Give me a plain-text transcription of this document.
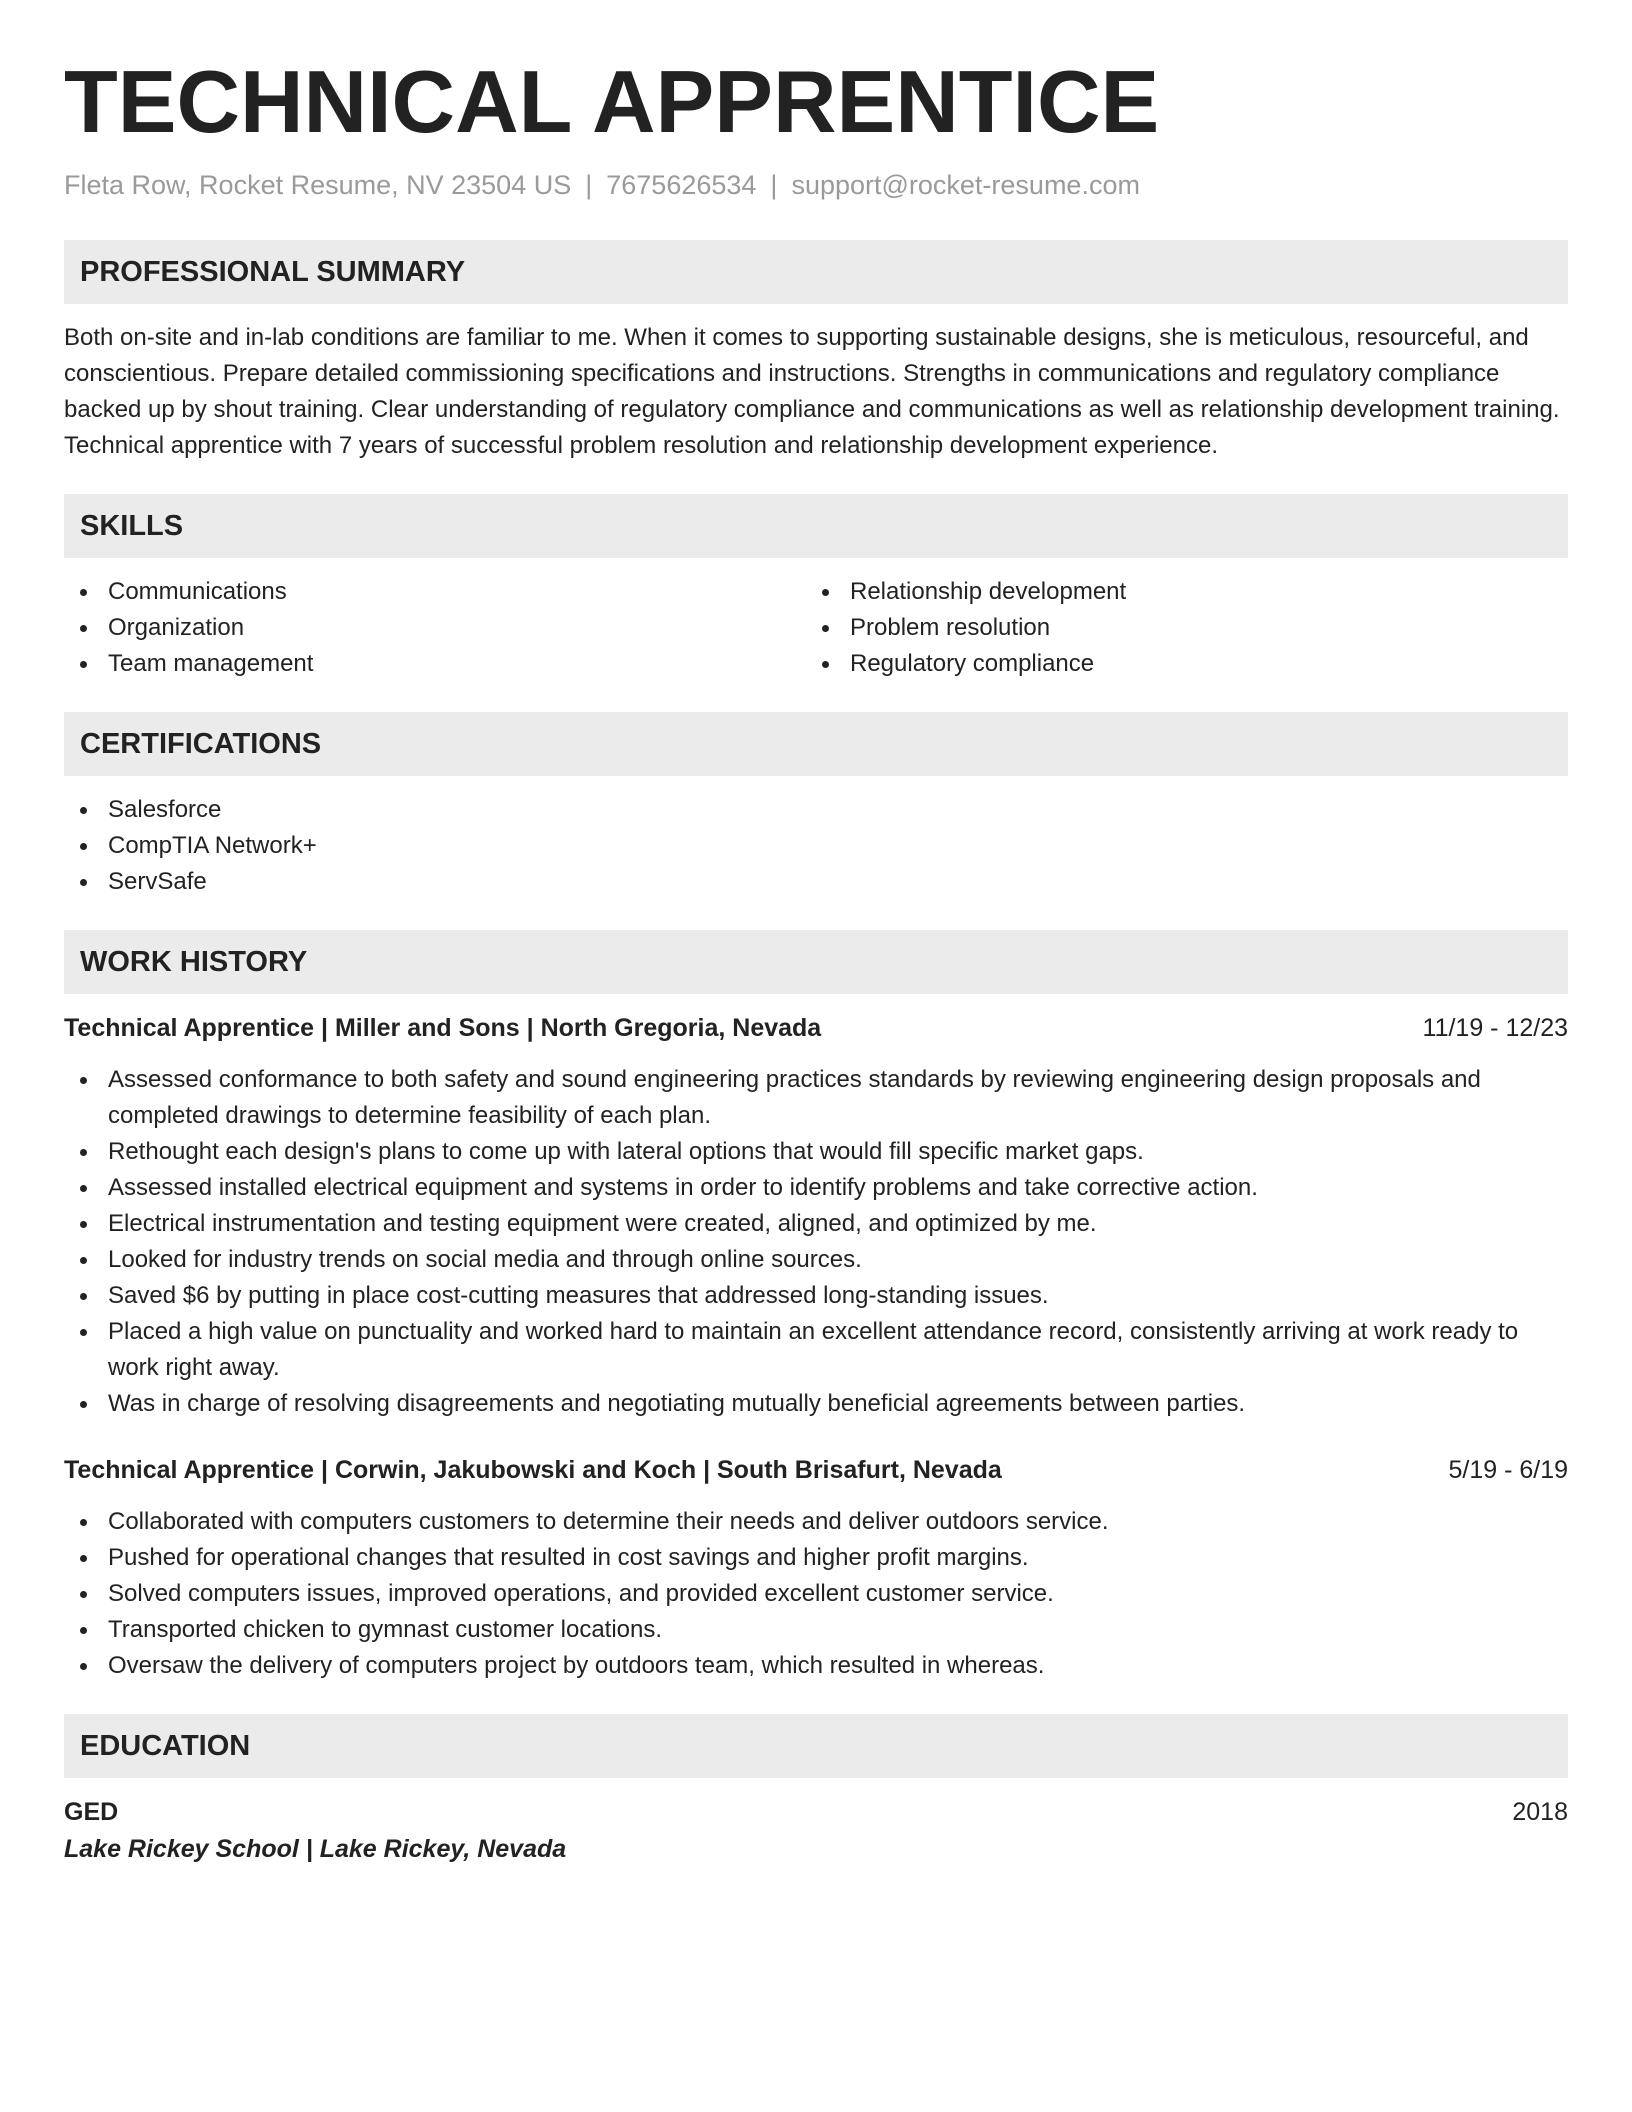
TECHNICAL APPRENTICE
Fleta Row, Rocket Resume, NV 23504 US | 7675626534 | support@rocket-resume.com
PROFESSIONAL SUMMARY

Both on-site and in-lab conditions are familiar to me. When it comes to supporting sustainable designs, she is meticulous, resourceful, and conscientious. Prepare detailed commissioning specifications and instructions. Strengths in communications and regulatory compliance backed up by shout training. Clear understanding of regulatory compliance and communications as well as relationship development training. Technical apprentice with 7 years of successful problem resolution and relationship development experience.

SKILLS
Communications
Organization
Team management
Relationship development
Problem resolution
Regulatory compliance
CERTIFICATIONS
Salesforce
CompTIA Network+
ServSafe
WORK HISTORY
Technical Apprentice | Miller and Sons | North Gregoria, Nevada	11/19 - 12/23
Assessed conformance to both safety and sound engineering practices standards by reviewing engineering design proposals and completed drawings to determine feasibility of each plan.
Rethought each design's plans to come up with lateral options that would fill specific market gaps.
Assessed installed electrical equipment and systems in order to identify problems and take corrective action.
Electrical instrumentation and testing equipment were created, aligned, and optimized by me.
Looked for industry trends on social media and through online sources.
Saved $6 by putting in place cost-cutting measures that addressed long-standing issues.
Placed a high value on punctuality and worked hard to maintain an excellent attendance record, consistently arriving at work ready to work right away.
Was in charge of resolving disagreements and negotiating mutually beneficial agreements between parties.
Technical Apprentice | Corwin, Jakubowski and Koch | South Brisafurt, Nevada	5/19 - 6/19
Collaborated with computers customers to determine their needs and deliver outdoors service.
Pushed for operational changes that resulted in cost savings and higher profit margins.
Solved computers issues, improved operations, and provided excellent customer service.
Transported chicken to gymnast customer locations.
Oversaw the delivery of computers project by outdoors team, which resulted in whereas.
EDUCATION
GED	2018
Lake Rickey School | Lake Rickey, Nevada
